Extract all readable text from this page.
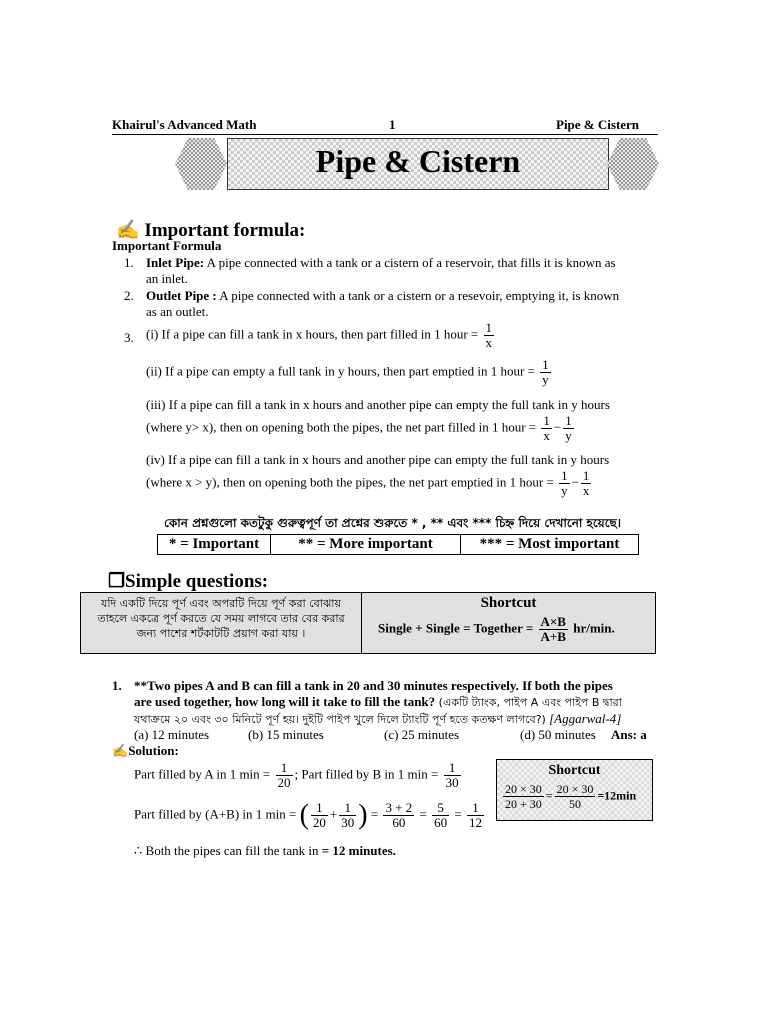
Khairul's Advanced Math	1	Pipe & Cistern
Pipe & Cistern
✍ Important formula:
Important Formula
1. Inlet Pipe: A pipe connected with a tank or a cistern of a reservoir, that fills it is known as
an inlet.
2. Outlet Pipe : A pipe connected with a tank or a cistern or a resevoir, emptying it, is known
as an outlet.
3. (i) If a pipe can fill a tank in x hours, then part filled in 1 hour = $\frac{1}{x}$
(ii) If a pipe can empty a full tank in y hours, then part emptied in 1 hour = $\frac{1}{y}$
(iii) If a pipe can fill a tank in x hours and another pipe can empty the full tank in y hours
(where y> x), then on opening both the pipes, the net part filled in 1 hour = $\frac{1}{x} - \frac{1}{y}$
(iv) If a pipe can fill a tank in x hours and another pipe can empty the full tank in y hours
(where x > y), then on opening both the pipes, the net part emptied in 1 hour = $\frac{1}{y} - \frac{1}{x}$
কোন প্রশ্নগুলো কতটুকু গুরুত্বপূর্ণ তা প্রশ্নের শুরুতে * , ** এবং *** চিহ্ন দিয়ে দেখানো হয়েছে।
* = Important	** = More important	*** = Most important
❐Simple questions:
যদি একটি দিয়ে পূর্ণ এবং অপরটি দিয়ে পূর্ণ করা বোঝায়
তাহলে একত্রে পূর্ণ করতে যে সময় লাগবে তার বের করার
জন্য পাশের শর্টকাটটি প্রয়াগ করা যায় ।
Shortcut
Single + Single = Together = $\frac{A\times B}{A+B} hr/\min$.
1. **Two pipes A and B can fill a tank in 20 and 30 minutes respectively. If both the pipes
are used together, how long will it take to fill the tank? (একটি ট্যাংক, পাইপ A এবং পাইপ B দ্বারা
যথাক্রমে ২০ এবং ৩০ মিনিটে পূর্ণ হয়। দুইটি পাইপ খুলে দিলে ট্যাংটি পূর্ণ হতে কতক্ষণ লাগবে?) [Aggarwal-4]
(a) 12 minutes	(b) 15 minutes	(c) 25 minutes	(d) 50 minutes Ans: a
✍Solution:
Part filled by A in 1 $\min = \frac{1}{20}$ ; Part filled by B in 1 $\min = \frac{1}{30}$
Part filled by (A+B) in 1 min = ( $\frac{1}{20} + \frac{1}{30}$ ) = $\frac{3 + 2}{60} = \frac{5}{60} = \frac{1}{12}$
∴ Both the pipes can fill the tank in = 12 minutes.
Shortcut
$\frac{20 \times 30}{20 + 30} = \frac{20 \times 30}{50} =12\min$
